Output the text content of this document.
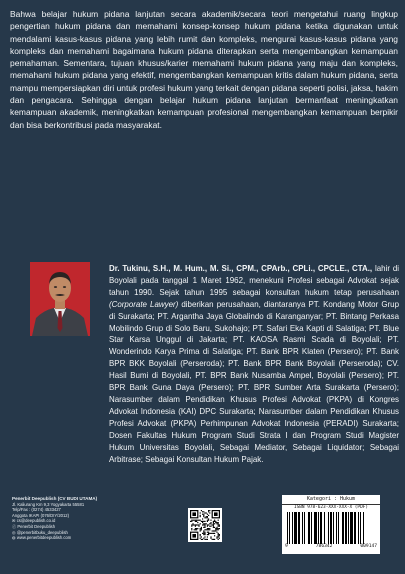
Bahwa belajar hukum pidana lanjutan secara akademik/secara teori mengetahui ruang lingkup pengertian hukum pidana dan memahami konsep-konsep hukum pidana ketika digunakan untuk mendalami kasus-kasus pidana yang lebih rumit dan kompleks, mengurai kasus-kasus pidana yang kompleks dan memahami bagaimana hukum pidana diterapkan serta mengembangkan kemampuan pemahaman. Sementara, tujuan khusus/karier memahami hukum pidana yang maju dan kompleks, memahami hukum pidana yang efektif, mengembangkan kemampuan kritis dalam hukum pidana, serta mampu mempersiapkan diri untuk profesi hukum yang terkait dengan pidana seperti polisi, jaksa, hakim dan pengacara. Sehingga dengan belajar hukum pidana lanjutan bermanfaat meningkatkan kemampuan akademik, meningkatkan kemampuan profesional mengembangkan kemampuan berpikir dan bisa berkontribusi pada masyarakat.
Dr. Tukinu, S.H., M. Hum., M. Si., CPM., CPArb., CPLi., CPCLE., CTA., lahir di Boyolali pada tanggal 1 Maret 1962, menekuni Profesi sebagai Advokat sejak tahun 1990. Sejak tahun 1995 sebagai konsultan hukum tetap perusahaan (Corporate Lawyer) diberikan perusahaan, diantaranya PT. Kondang Motor Grup di Surakarta; PT. Argantha Jaya Globalindo di Karanganyar; PT. Bintang Perkasa Mobilindo Grup di Solo Baru, Sukohajo; PT. Safari Eka Kapti di Salatiga; PT. Blue Star Karsa Unggul di Jakarta; PT. KAOSA Rasmi Scada di Boyolali; PT. Wonderindo Karya Prima di Salatiga; PT. Bank BPR Klaten (Persero); PT. Bank BPR BKK Boyolali (Perseroda); PT. Bank BPR Bank Boyolali (Perseroda); CV. Hasil Bumi di Boyolali, PT. BPR Bank Nusamba Ampel, Boyolali (Persero); PT. BPR Bank Guna Daya (Persero); PT. BPR Sumber Arta Surakarta (Persero); Narasumber dalam Pendidikan Khusus Profesi Advokat (PKPA) di Kongres Advokat Indonesia (KAI) DPC Surakarta; Narasumber dalam Pendidikan Khusus Profesi Advokat (PKPA) Perhimpunan Advokat Indonesia (PERADI) Surakarta; Dosen Fakultas Hukum Program Studi Strata I dan Program Studi Magister Hukum Universitas Boyolali, Sebagai Mediator, Sebagai Liquidator; Sebagai Arbitrase; Sebagai Konsultan Hukum Pajak.
Penerbit Deepublish (CV BUDI UTAMA)
Jl. Kaliurang Km 9,3 Yogyakarta 55581
Telp/Fax : (0274) 4533427
Anggota IKAPI (076/DIY/2012)
✉ cs@deepublish.co.id
ⓕ Penerbit Deepublish
◎ @penerbitbuku_deepublish
◍ www.penerbitdeepublish.com
Kategori : Hukum
ISBN 978-623-XXX-XXX-X (PDF)
9	786342	009147
